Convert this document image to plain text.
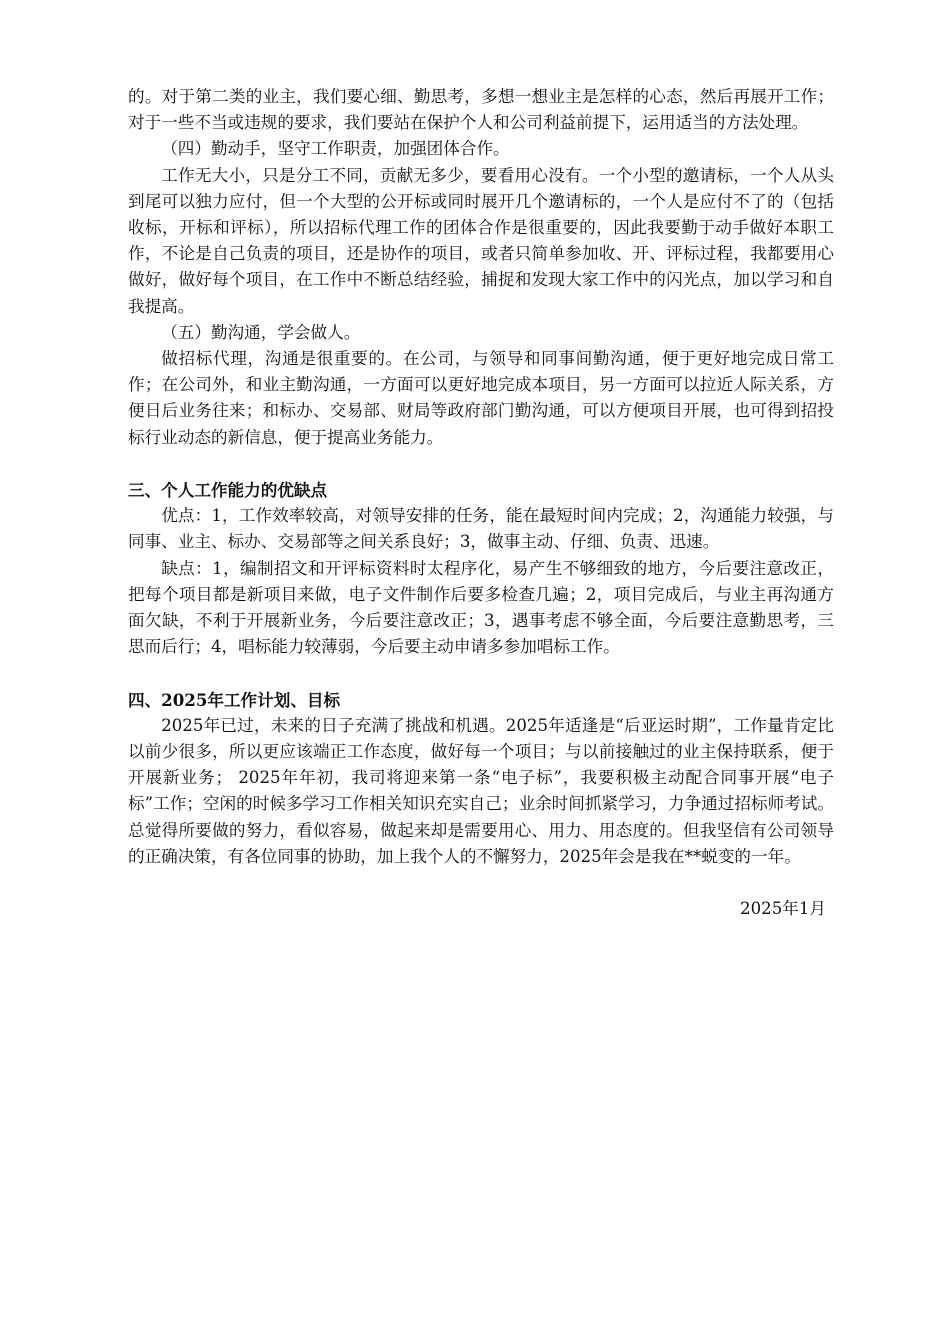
的。对于第二类的业主，我们要心细、勤思考，多想一想业主是怎样的心态，然后再展开工作；对于一些不当或违规的要求，我们要站在保护个人和公司利益前提下，运用适当的方法处理。

（四）勤动手，坚守工作职责，加强团体合作。

工作无大小，只是分工不同，贡献无多少，要看用心没有。一个小型的邀请标，一个人从头到尾可以独力应付，但一个大型的公开标或同时展开几个邀请标的，一个人是应付不了的（包括收标，开标和评标），所以招标代理工作的团体合作是很重要的，因此我要勤于动手做好本职工作，不论是自己负责的项目，还是协作的项目，或者只简单参加收、开、评标过程，我都要用心做好，做好每个项目，在工作中不断总结经验，捕捉和发现大家工作中的闪光点，加以学习和自我提高。

（五）勤沟通，学会做人。

做招标代理，沟通是很重要的。在公司，与领导和同事间勤沟通，便于更好地完成日常工作；在公司外，和业主勤沟通，一方面可以更好地完成本项目，另一方面可以拉近人际关系，方便日后业务往来；和标办、交易部、财局等政府部门勤沟通，可以方便项目开展，也可得到招投标行业动态的新信息，便于提高业务能力。

三、个人工作能力的优缺点

优点：1，工作效率较高，对领导安排的任务，能在最短时间内完成；2，沟通能力较强，与同事、业主、标办、交易部等之间关系良好；3，做事主动、仔细、负责、迅速。

缺点：1，编制招文和开评标资料时太程序化，易产生不够细致的地方，今后要注意改正，把每个项目都是新项目来做，电子文件制作后要多检查几遍；2，项目完成后，与业主再沟通方面欠缺，不利于开展新业务，今后要注意改正；3，遇事考虑不够全面，今后要注意勤思考，三思而后行；4，唱标能力较薄弱，今后要主动申请多参加唱标工作。

四、2025年工作计划、目标

2025年已过，未来的日子充满了挑战和机遇。2025年适逢是“后亚运时期”，工作量肯定比以前少很多，所以更应该端正工作态度，做好每一个项目；与以前接触过的业主保持联系，便于开展新业务； 2025年年初，我司将迎来第一条“电子标”，我要积极主动配合同事开展“电子标”工作；空闲的时候多学习工作相关知识充实自己；业余时间抓紧学习，力争通过招标师考试。总觉得所要做的努力，看似容易，做起来却是需要用心、用力、用态度的。但我坚信有公司领导的正确决策，有各位同事的协助，加上我个人的不懈努力，2025年会是我在**蜕变的一年。

2025年1月
